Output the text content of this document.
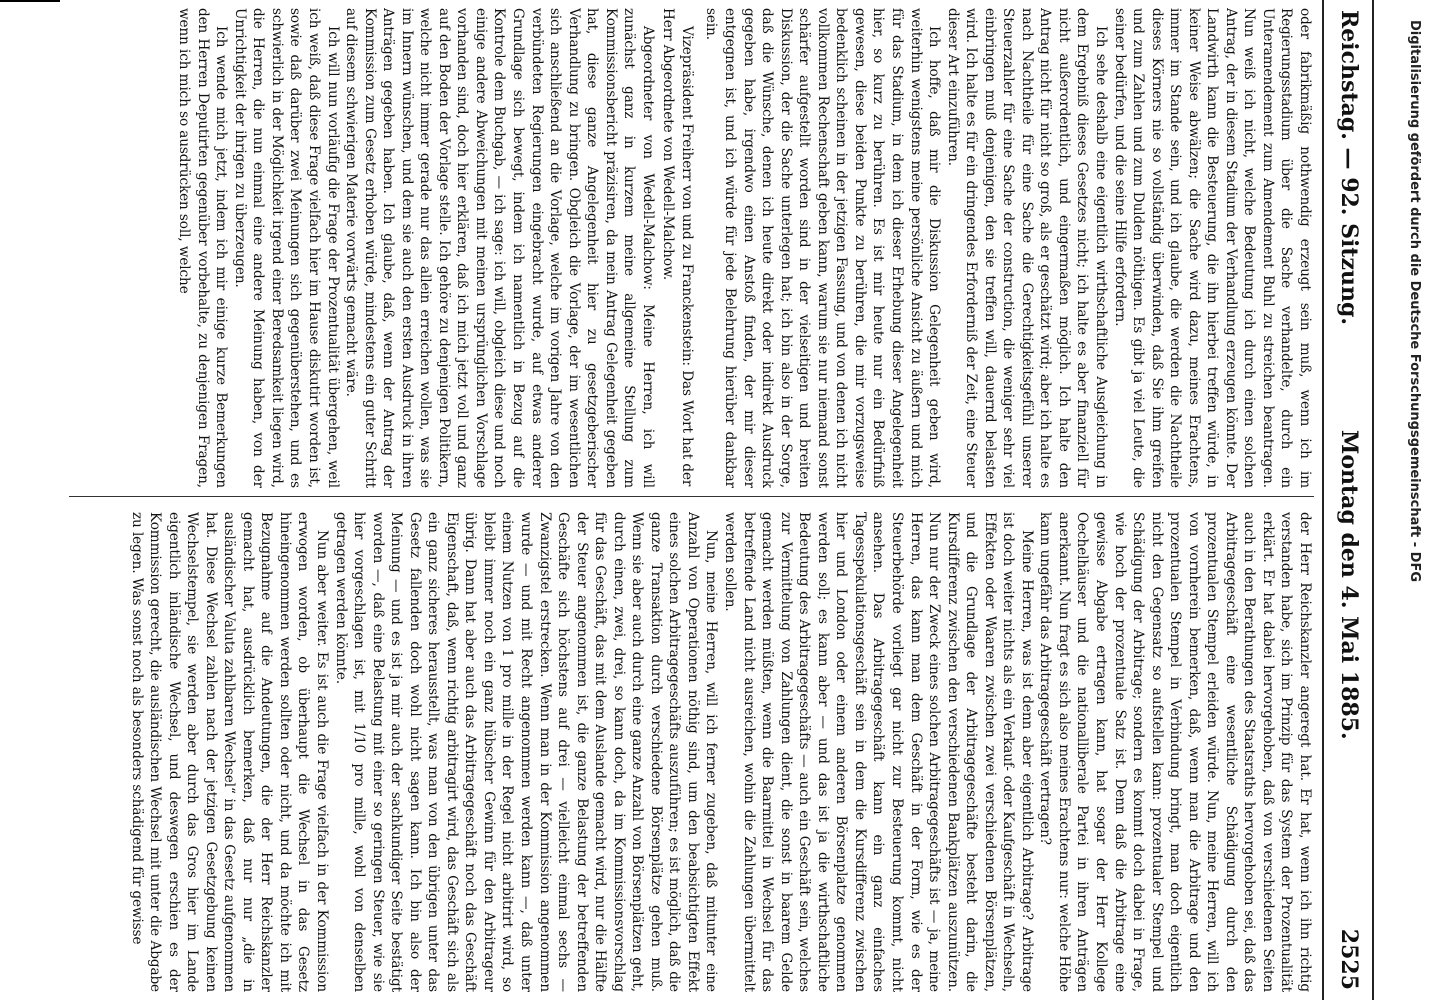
Reichstag. — 92. Sitzung.
Montag den 4. Mai 1885.
2525

oder fabrikmäßig nothwendig erzeugt sein muß, wenn ich im Regierungsstadium über die Sache verhandelte, durch ein Unteramendement zum Amendement Buhl zu streichen beantragen. Nun weiß ich nicht, welche Bedeutung ich durch einen solchen Antrag, der in diesem Stadium der Verhandlung erzeugen könnte. Der Landwirth kann die Besteuerung, die ihn hierbei treffen würde, in keiner Weise abwälzen; die Sache wird dazu, meines Erachtens, immer im Stande sein, und ich glaube, die werden die Nachtheile dieses Körners nie so vollständig überwinden, daß Sie ihm greifen und zum Zahlen und zum Dulden nöthigen. Es gibt ja viel Leute, die seiner bedürfen, und die seine Hilfe erfordern.

Ich sehe deshalb eine eigentlich wirthschaftliche Ausgleichung in dem Ergebniß dieses Gesetzes nicht; ich halte es aber finanziell für nicht außerordentlich, und eingermaßen möglich. Ich halte den Antrag nicht für nicht so groß, als er geschätzt wird; aber ich halte es nach Nachtheile für eine Sache die Gerechtigkeitsgefühl unserer Steuerzahler für eine Sache der construction, die weniger sehr viel einbringen muß denjenigen, den sie treffen will, dauernd belasten wird. Ich halte es für ein dringendes Erforderniß der Zeit, eine Steuer dieser Art einzuführen.

Ich hoffe, daß mir die Diskussion Gelegenheit geben wird, weiterhin wenigstens meine persönliche Ansicht zu äußern und mich für das Stadium, in dem ich dieser Erhebung dieser Angelegenheit hier, so kurz zu berühren. Es ist mir heute nur ein Bedürfniß gewesen, diese beiden Punkte zu berühren, die mir vorzugsweise bedenklich scheinen in der jetzigen Fassung, und von denen ich nicht vollkommen Rechenschaft geben kann, warum sie nur niemand sonst schärfer aufgestellt worden sind in der vielseitigen und breiten Diskussion, der die Sache unterlegen hat; ich bin also in der Sorge, daß die Wünsche, denen ich heute direkt oder indirekt Ausdruck gegeben habe, irgendwo einen Anstoß finden, der mir dieser entgegnen ist, und ich würde für jede Belehrung hierüber dankbar sein.

Vizepräsident Freiherr von und zu Franckenstein: Das Wort hat der Herr Abgeordnete von Wedell-Malchow.

Abgeordneter von Wedell-Malchow: Meine Herren, ich will zunächst ganz in kurzem meine allgemeine Stellung zum Kommissionsbericht präzisiren, da mein Antrag Gelegenheit gegeben hat, diese ganze Angelegenheit hier zu gesetzgeberischer Verhandlung zu bringen. Obgleich die Vorlage, der im wesentlichen sich anschließend an die Vorlage, welche im vorigen Jahre von den verbündeten Regierungen eingebracht wurde, auf etwas anderer Grundlage sich bewegt, indem ich namentlich in Bezug auf die Kontrole dem Buchgab, — ich sage: ich will, obgleich diese und noch einige andere Abweichungen mit meinen ursprünglichen Vorschlage vorhanden sind, doch hier erklären, daß ich mich jetzt voll und ganz auf den Boden der Vorlage stelle. Ich gehöre zu denjenigen Politikern, welche nicht immer gerade nur das allein erreichen wollen, was sie im Innern wünschen, und dem sie auch den ersten Ausdruck in ihren Anträgen gegeben haben. Ich glaube, daß, wenn der Antrag der Kommission zum Gesetz erhoben würde, mindestens ein guter Schritt auf diesem schwierigen Materie vorwärts gemacht wäre.

Ich will nun vorläufig die Frage der Prozentualität übergehen, weil ich weiß, daß diese Frage vielfach hier im Hause diskutirt worden ist, sowie daß darüber zwei Meinungen sich gegenüberstehen, und es schwierlich in der Möglichkeit irgend einer Beredsamkeit liegen wird, die Herren, die nun einmal eine andere Meinung haben, von der Unrichtigkeit der ihrigen zu überzeugen.

Ich wende mich jetzt, indem ich mir einige kurze Bemerkungen den Herren Deputirten gegenüber vorbehalte, zu denjenigen Fragen, wenn ich mich so ausdrücken soll, welche

der Herr Reichskanzler angeregt hat. Er hat, wenn ich ihn richtig verstanden habe, sich im Prinzip für das System der Prozentualität erklärt. Er hat dabei hervorgehoben, daß von verschiedenen Seiten auch in den Berathungen des Staatsraths hervorgehoben sei, daß das Arbitragegeschäft eine wesentliche Schädigung durch den prozentualen Stempel erleiden würde. Nun, meine Herren, will ich von vornherein bemerken, daß, wenn man die Arbitrage und den prozentualen Stempel in Verbindung bringt, man doch eigentlich nicht den Gegensatz so aufstellen kann: prozentualer Stempel und Schädigung der Arbitrage; sondern es kommt doch dabei in Frage, wie hoch der prozentuale Satz ist. Denn daß die Arbitrage eine gewisse Abgabe ertragen kann, hat sogar der Herr Kollege Oechelhäuser und die nationalliberale Partei in ihren Anträgen anerkannt. Nun fragt es sich also meines Erachtens nur: welche Höhe kann ungefähr das Arbitragegeschäft vertragen?

Meine Herren, was ist denn aber eigentlich Arbitrage? Arbitrage ist doch weiter nichts als ein Verkauf- oder Kaufgeschäft in Wechseln, Effekten oder Waaren zwischen zwei verschiedenen Börsenplätzen, und die Grundlage der Arbitragegeschäfte besteht darin, die Kursdifferenz zwischen den verschiedenen Bankplätzen auszunützen. Nun nur der Zweck eines solchen Arbitragegeschäfts ist — ja, meine Herren, das kann man dem Geschäft in der Form, wie es der Steuerbehörde vorliegt gar nicht zur Besteuerung kommt, nicht ansehen. Das Arbitragegeschäft kann ein ganz einfaches Tagesspekulationsgeschäft sein in dem die Kursdifferenz zwischen hier und London oder einem anderen Börsenplatze genommen werden soll; es kann aber — und das ist ja die wirthschaftliche Bedeutung des Arbitragegeschäfts — auch ein Geschäft sein, welches zur Vermittelung von Zahlungen dient, die sonst in baarem Gelde gemacht werden müßten, wenn die Baarmittel in Wechsel für das betreffende Land nicht ausreichen, wohin die Zahlungen übermittelt werden sollen.

Nun, meine Herren, will ich ferner zugeben, daß mitunter eine Anzahl von Operationen nöthig sind, um den beabsichtigten Effekt eines solchen Arbitragegeschäfts auszuführen; es ist möglich, daß die ganze Transaktion durch verschiedene Börsenplätze gehen muß. Wenn sie aber auch durch eine ganze Anzahl von Börsenplätzen geht, durch einen, zwei, drei, so kann doch, da im Kommissionsvorschlag für das Geschäft, das mit dem Auslande gemacht wird, nur die Hälfte der Steuer angenommen ist, die ganze Belastung der betreffenden Geschäfte sich höchstens auf drei — vielleicht einmal sechs — Zwanzigstel erstrecken. Wenn man in der Kommission angenommen wurde — und mit Recht angenommen werden kann —, daß unter einem Nutzen von 1 pro mille in der Regel nicht arbitrirt wird, so bleibt immer noch ein ganz hübscher Gewinn für den Arbitrageur übrig. Dann hat aber auch das Arbitragegeschäft noch das Geschäft Eigenschaft, daß, wenn richtig arbitragirt wird, das Geschäft sich als ein ganz sicheres herausstellt, was man von den übrigen unter das Gesetz fallenden doch wohl nicht sagen kann. Ich bin also der Meinung — und es ist ja mir auch der sachkundiger Seite bestätigt worden —, daß eine Belastung mit einer so geringen Steuer, wie sie hier vorgeschlagen ist, mit 1/10 pro mille, wohl von denselben getragen werden könnte.

Nun aber weiter. Es ist auch die Frage vielfach in der Kommission erwogen worden, ob überhaupt die Wechsel in das Gesetz hineingenommen werden sollten oder nicht, und da möchte ich mit Bezugnahme auf die Andeutungen, die der Herr Reichskanzler gemacht hat, ausdrücklich bemerken, daß nur nur „die in ausländischer Valuta zahlbaren Wechsel“ in das Gesetz aufgenommen hat. Diese Wechsel zahlen nach der jetzigen Gesetzgebung keinen Wechselstempel, sie werden aber durch das Gros hier im Lande eigentlich inländische Wechsel, und deswegen erschien es der Kommission gerecht, die ausländischen Wechsel mit unter die Abgabe zu legen. Was sonst noch als besonders schädigend für gewisse

Digitalisierung gefördert durch die Deutsche Forschungsgemeinschaft - DFG
